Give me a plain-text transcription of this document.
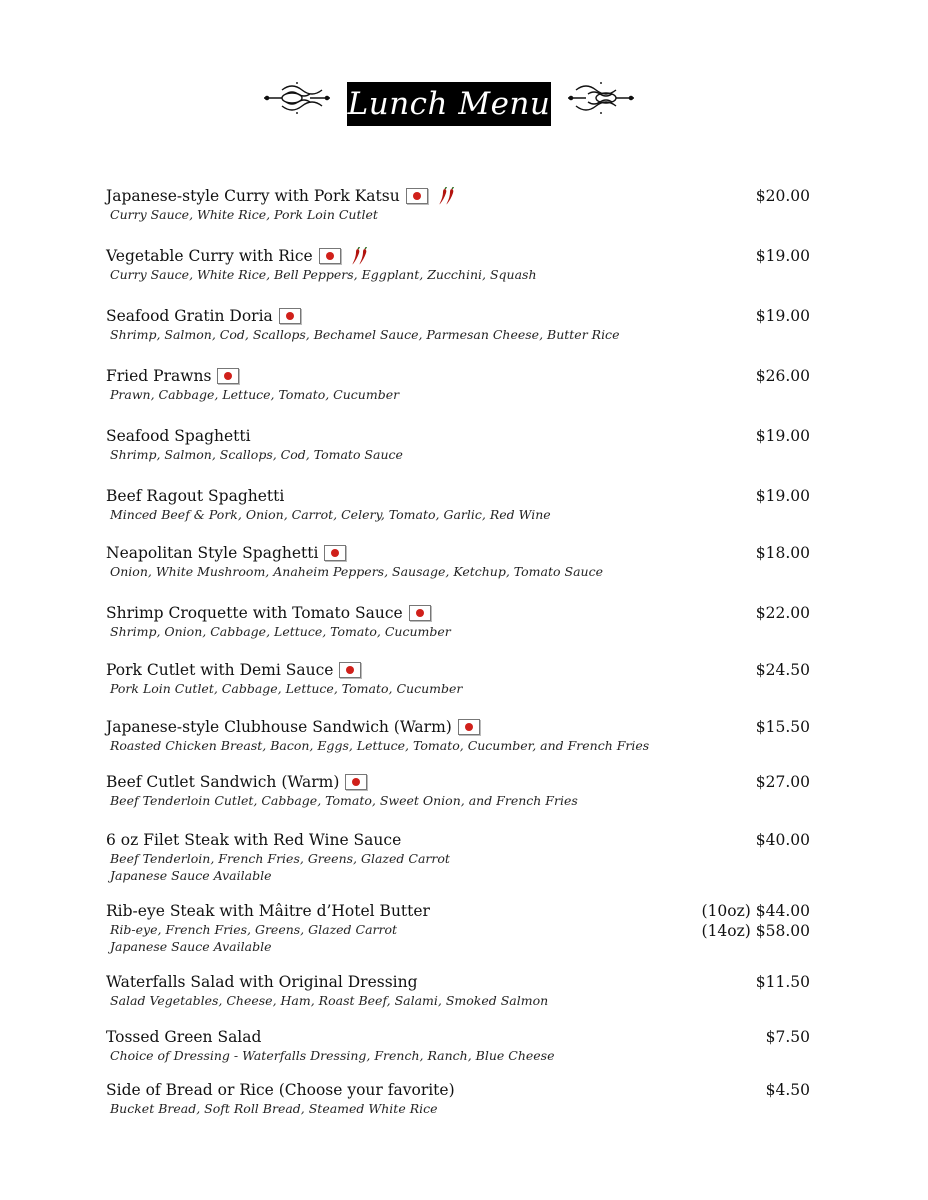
Lunch Menu
Japanese-style Curry with Pork Katsu
Curry Sauce, White Rice, Pork Loin Cutlet
$20.00
Vegetable Curry with Rice
Curry Sauce, White Rice, Bell Peppers, Eggplant, Zucchini, Squash
$19.00
Seafood Gratin Doria
Shrimp, Salmon, Cod, Scallops, Bechamel Sauce, Parmesan Cheese, Butter Rice
$19.00
Fried Prawns
Prawn, Cabbage, Lettuce, Tomato, Cucumber
$26.00
Seafood Spaghetti
Shrimp, Salmon, Scallops, Cod, Tomato Sauce
$19.00
Beef Ragout Spaghetti
Minced Beef & Pork, Onion, Carrot, Celery, Tomato, Garlic, Red Wine
$19.00
Neapolitan Style Spaghetti
Onion, White Mushroom, Anaheim Peppers, Sausage, Ketchup, Tomato Sauce
$18.00
Shrimp Croquette with Tomato Sauce
Shrimp, Onion, Cabbage, Lettuce, Tomato, Cucumber
$22.00
Pork Cutlet with Demi Sauce
Pork Loin Cutlet, Cabbage, Lettuce, Tomato, Cucumber
$24.50
Japanese-style Clubhouse Sandwich (Warm)
Roasted Chicken Breast, Bacon, Eggs, Lettuce, Tomato, Cucumber, and French Fries
$15.50
Beef Cutlet Sandwich (Warm)
Beef Tenderloin Cutlet, Cabbage, Tomato, Sweet Onion, and French Fries
$27.00
6 oz Filet Steak with Red Wine Sauce
Beef Tenderloin, French Fries, Greens, Glazed Carrot
Japanese Sauce Available
$40.00
Rib-eye Steak with Mâitre d’Hotel Butter
Rib-eye, French Fries, Greens, Glazed Carrot
Japanese Sauce Available
(10oz) $44.00
(14oz) $58.00
Waterfalls Salad with Original Dressing
Salad Vegetables, Cheese, Ham, Roast Beef, Salami, Smoked Salmon
$11.50
Tossed Green Salad
Choice of Dressing - Waterfalls Dressing, French, Ranch, Blue Cheese
$7.50
Side of Bread or Rice (Choose your favorite)
Bucket Bread, Soft Roll Bread, Steamed White Rice
$4.50
